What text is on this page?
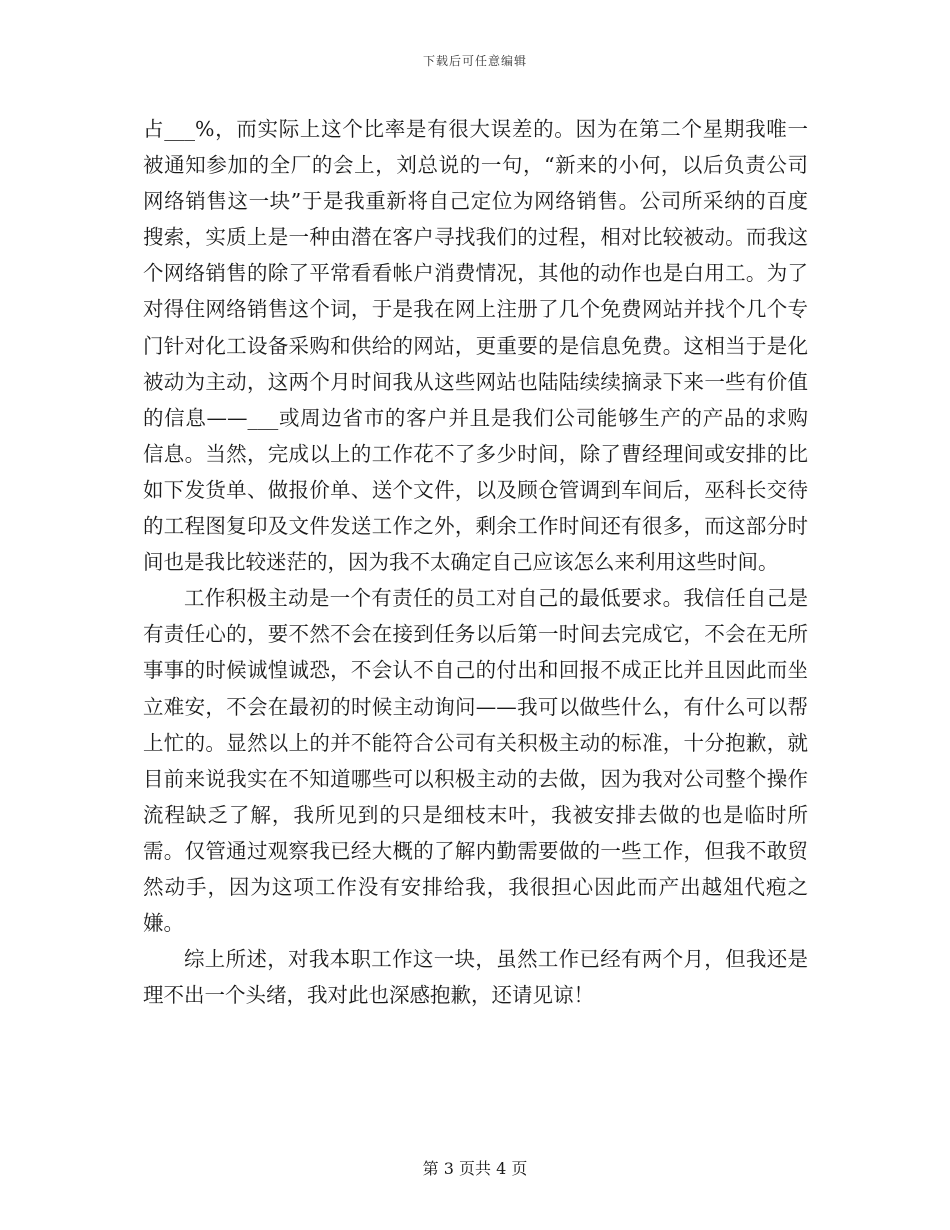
下载后可任意编辑

占___%，而实际上这个比率是有很大误差的。因为在第二个星期我唯一被通知参加的全厂的会上，刘总说的一句，“新来的小何，以后负责公司网络销售这一块”于是我重新将自己定位为网络销售。公司所采纳的百度搜索，实质上是一种由潜在客户寻找我们的过程，相对比较被动。而我这个网络销售的除了平常看看帐户消费情况，其他的动作也是白用工。为了对得住网络销售这个词，于是我在网上注册了几个免费网站并找个几个专门针对化工设备采购和供给的网站，更重要的是信息免费。这相当于是化被动为主动，这两个月时间我从这些网站也陆陆续续摘录下来一些有价值的信息——___或周边省市的客户并且是我们公司能够生产的产品的求购信息。当然，完成以上的工作花不了多少时间，除了曹经理间或安排的比如下发货单、做报价单、送个文件，以及顾仓管调到车间后，巫科长交待的工程图复印及文件发送工作之外，剩余工作时间还有很多，而这部分时间也是我比较迷茫的，因为我不太确定自己应该怎么来利用这些时间。

工作积极主动是一个有责任的员工对自己的最低要求。我信任自己是有责任心的，要不然不会在接到任务以后第一时间去完成它，不会在无所事事的时候诚惶诚恐，不会认不自己的付出和回报不成正比并且因此而坐立难安，不会在最初的时候主动询问——我可以做些什么，有什么可以帮上忙的。显然以上的并不能符合公司有关积极主动的标准，十分抱歉，就目前来说我实在不知道哪些可以积极主动的去做，因为我对公司整个操作流程缺乏了解，我所见到的只是细枝末叶，我被安排去做的也是临时所需。仅管通过观察我已经大概的了解内勤需要做的一些工作，但我不敢贸然动手，因为这项工作没有安排给我，我很担心因此而产出越俎代疱之嫌。

综上所述，对我本职工作这一块，虽然工作已经有两个月，但我还是理不出一个头绪，我对此也深感抱歉，还请见谅！

第 3 页共 4 页
